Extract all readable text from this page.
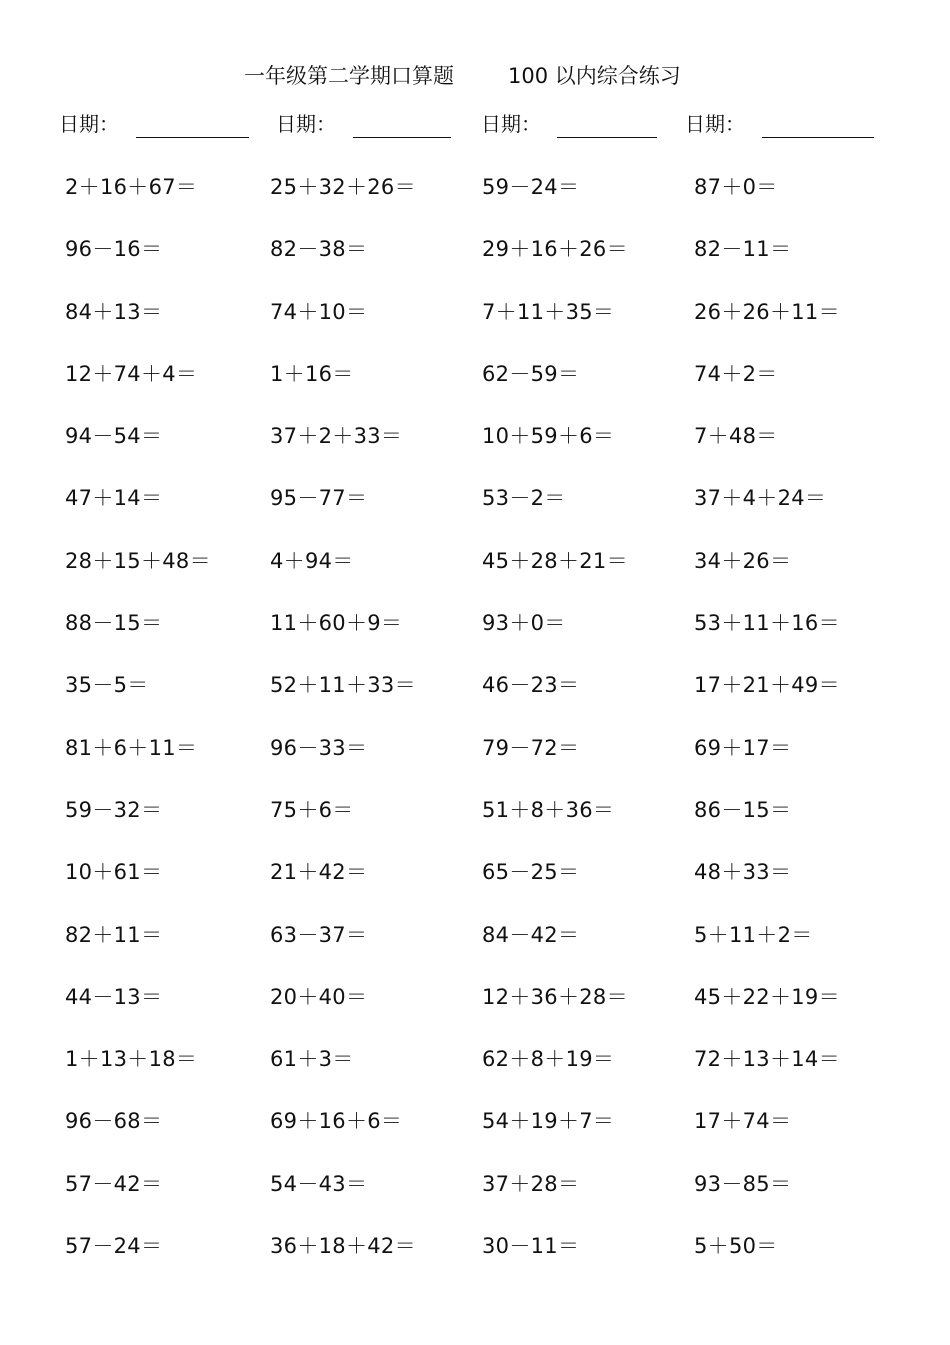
一年级第二学期口算题	100 以内综合练习
日期：	日期：	日期：	日期：
2＋16＋67＝	25＋32＋26＝	59－24＝	87＋0＝
96－16＝	82－38＝	29＋16＋26＝	82－11＝
84＋13＝	74＋10＝	7＋11＋35＝	26＋26＋11＝
12＋74＋4＝	1＋16＝	62－59＝	74＋2＝
94－54＝	37＋2＋33＝	10＋59＋6＝	7＋48＝
47＋14＝	95－77＝	53－2＝	37＋4＋24＝
28＋15＋48＝	4＋94＝	45＋28＋21＝	34＋26＝
88－15＝	11＋60＋9＝	93＋0＝	53＋11＋16＝
35－5＝	52＋11＋33＝	46－23＝	17＋21＋49＝
81＋6＋11＝	96－33＝	79－72＝	69＋17＝
59－32＝	75＋6＝	51＋8＋36＝	86－15＝
10＋61＝	21＋42＝	65－25＝	48＋33＝
82＋11＝	63－37＝	84－42＝	5＋11＋2＝
44－13＝	20＋40＝	12＋36＋28＝	45＋22＋19＝
1＋13＋18＝	61＋3＝	62＋8＋19＝	72＋13＋14＝
96－68＝	69＋16＋6＝	54＋19＋7＝	17＋74＝
57－42＝	54－43＝	37＋28＝	93－85＝
57－24＝	36＋18＋42＝	30－11＝	5＋50＝
